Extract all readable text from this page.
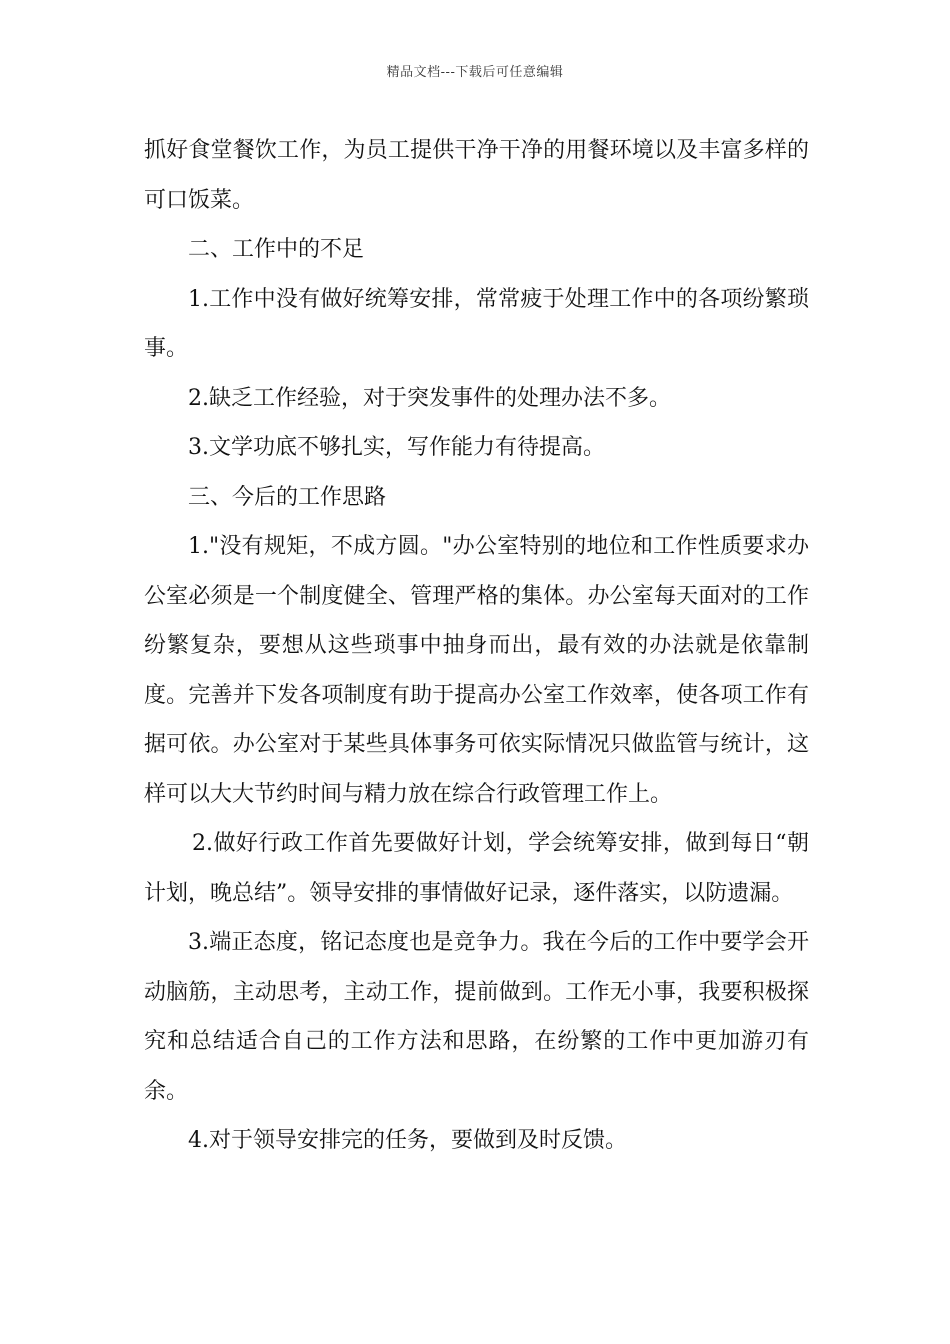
精品文档---下载后可任意编辑

抓好食堂餐饮工作，为员工提供干净干净的用餐环境以及丰富多样的可口饭菜。

二、工作中的不足

1.工作中没有做好统筹安排，常常疲于处理工作中的各项纷繁琐事。

2.缺乏工作经验，对于突发事件的处理办法不多。

3.文学功底不够扎实，写作能力有待提高。

三、今后的工作思路

1."没有规矩，不成方圆。"办公室特别的地位和工作性质要求办公室必须是一个制度健全、管理严格的集体。办公室每天面对的工作纷繁复杂，要想从这些琐事中抽身而出，最有效的办法就是依靠制度。完善并下发各项制度有助于提高办公室工作效率，使各项工作有据可依。办公室对于某些具体事务可依实际情况只做监管与统计，这样可以大大节约时间与精力放在综合行政管理工作上。

2.做好行政工作首先要做好计划，学会统筹安排，做到每日“朝计划，晚总结”。领导安排的事情做好记录，逐件落实，以防遗漏。

3.端正态度，铭记态度也是竞争力。我在今后的工作中要学会开动脑筋，主动思考，主动工作，提前做到。工作无小事，我要积极探究和总结适合自己的工作方法和思路，在纷繁的工作中更加游刃有余。

4.对于领导安排完的任务，要做到及时反馈。
